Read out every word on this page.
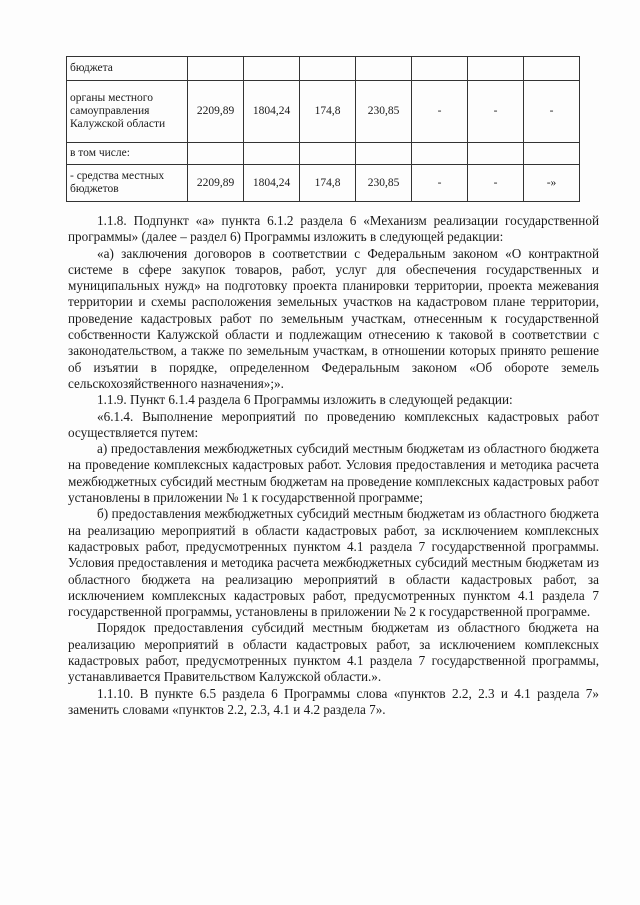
бюджета							
органы местного самоуправления Калужской области	2209,89	1804,24	174,8	230,85	-	-	-
в том числе:							
- средства местных бюджетов	2209,89	1804,24	174,8	230,85	-	-	-»

1.1.8. Подпункт «а» пункта 6.1.2 раздела 6 «Механизм реализации государственной программы» (далее – раздел 6) Программы изложить в следующей редакции:

«а) заключения договоров в соответствии с Федеральным законом «О контрактной системе в сфере закупок товаров, работ, услуг для обеспечения государственных и муниципальных нужд» на подготовку проекта планировки территории, проекта межевания территории и схемы расположения земельных участков на кадастровом плане территории, проведение кадастровых работ по земельным участкам, отнесенным к государственной собственности Калужской области и подлежащим отнесению к таковой в соответствии с законодательством, а также по земельным участкам, в отношении которых принято решение об изъятии в порядке, определенном Федеральным законом «Об обороте земель сельскохозяйственного назначения»;».

1.1.9. Пункт 6.1.4 раздела 6 Программы изложить в следующей редакции:

«6.1.4. Выполнение мероприятий по проведению комплексных кадастровых работ осуществляется путем:

а) предоставления межбюджетных субсидий местным бюджетам из областного бюджета на проведение комплексных кадастровых работ. Условия предоставления и методика расчета межбюджетных субсидий местным бюджетам на проведение комплексных кадастровых работ установлены в приложении № 1 к государственной программе;

б) предоставления межбюджетных субсидий местным бюджетам из областного бюджета на реализацию мероприятий в области кадастровых работ, за исключением комплексных кадастровых работ, предусмотренных пунктом 4.1 раздела 7 государственной программы. Условия предоставления и методика расчета межбюджетных субсидий местным бюджетам из областного бюджета на реализацию мероприятий в области кадастровых работ, за исключением комплексных кадастровых работ, предусмотренных пунктом 4.1 раздела 7 государственной программы, установлены в приложении № 2 к государственной программе.

Порядок предоставления субсидий местным бюджетам из областного бюджета на реализацию мероприятий в области кадастровых работ, за исключением комплексных кадастровых работ, предусмотренных пунктом 4.1 раздела 7 государственной программы, устанавливается Правительством Калужской области.».

1.1.10. В пункте 6.5 раздела 6 Программы слова «пунктов 2.2, 2.3 и 4.1 раздела 7» заменить словами «пунктов 2.2, 2.3, 4.1 и 4.2 раздела 7».
